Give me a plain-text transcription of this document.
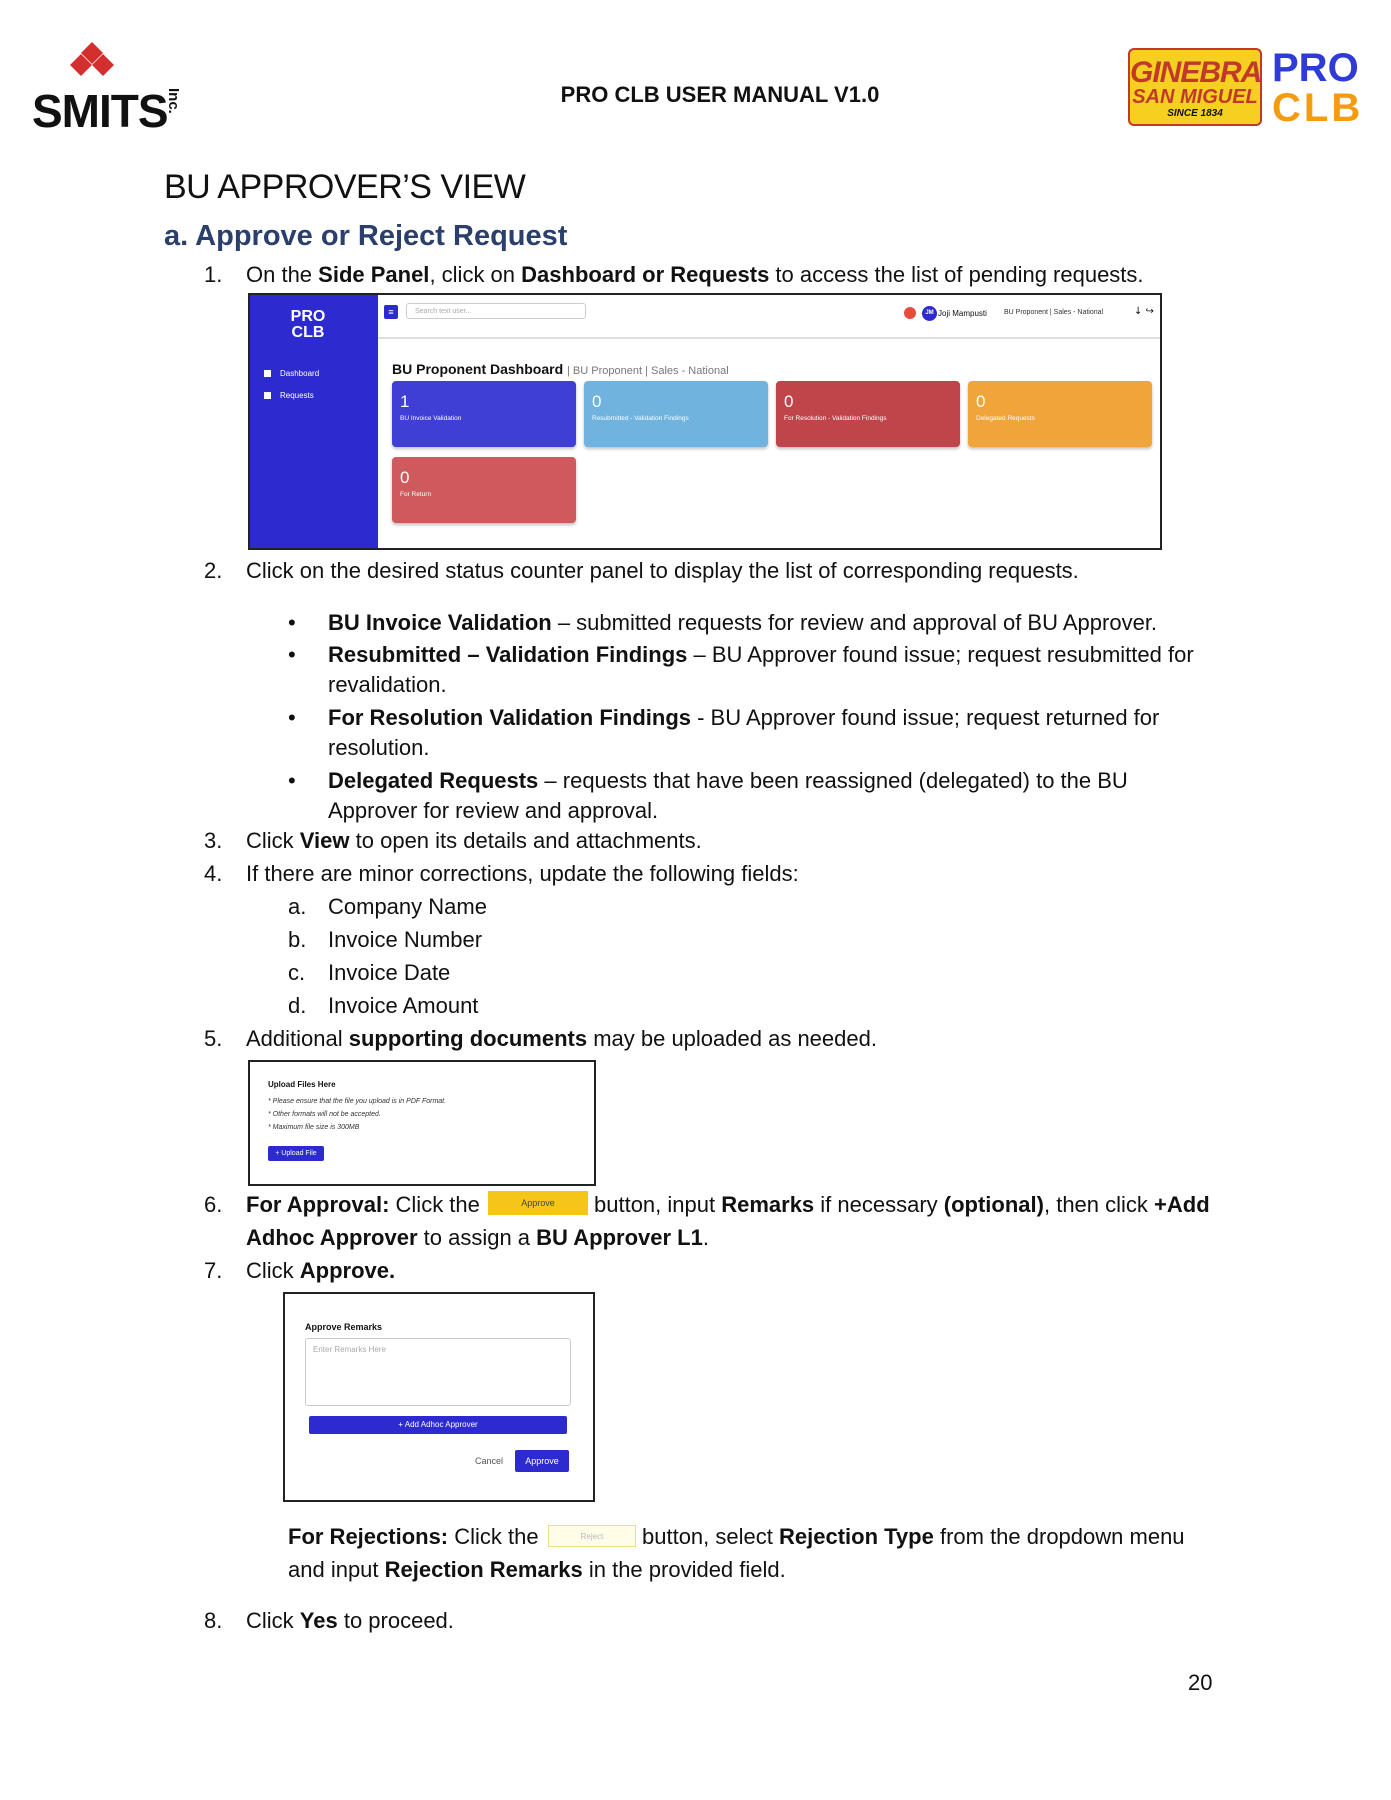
SMITS
Inc.	PRO CLB USER MANUAL V1.0
GINEBRA
SAN MIGUEL
SINCE 1834
PRO
CLB
BU APPROVER’S VIEW
a. Approve or Reject Request
1. On the Side Panel, click on Dashboard or Requests to access the list of pending requests.
PRO
CLB
Dashboard
Requests
≡	Search text user...	JM Joji Mampusti BU Proponent | Sales - National	↓ ↪
BU Proponent Dashboard | BU Proponent | Sales - National
1
BU Invoice Validation
0
Resubmitted - Validation Findings
0
For Resolution - Validation Findings
0
Delegated Requests
0
For Return
2. Click on the desired status counter panel to display the list of corresponding requests.
• BU Invoice Validation – submitted requests for review and approval of BU Approver.
• Resubmitted – Validation Findings – BU Approver found issue; request resubmitted for
revalidation.
• For Resolution Validation Findings - BU Approver found issue; request returned for
resolution.
• Delegated Requests – requests that have been reassigned (delegated) to the BU
Approver for review and approval.
3. Click View to open its details and attachments.
4. If there are minor corrections, update the following fields:
a. Company Name
b. Invoice Number
c. Invoice Date
d. Invoice Amount
5. Additional supporting documents may be uploaded as needed.
Upload Files Here
* Please ensure that the file you upload is in PDF Format.
* Other formats will not be accepted.
* Maximum file size is 300MB
+ Upload File
6. For Approval: Click the	Approve	button, input Remarks if necessary (optional), then click +Add
Adhoc Approver to assign a BU Approver L1.
7. Click Approve.
Approve Remarks
Enter Remarks Here
+ Add Adhoc Approver
Cancel	Approve
For Rejections: Click the	Reject	button, select Rejection Type from the dropdown menu
and input Rejection Remarks in the provided field.
8. Click Yes to proceed.
20
